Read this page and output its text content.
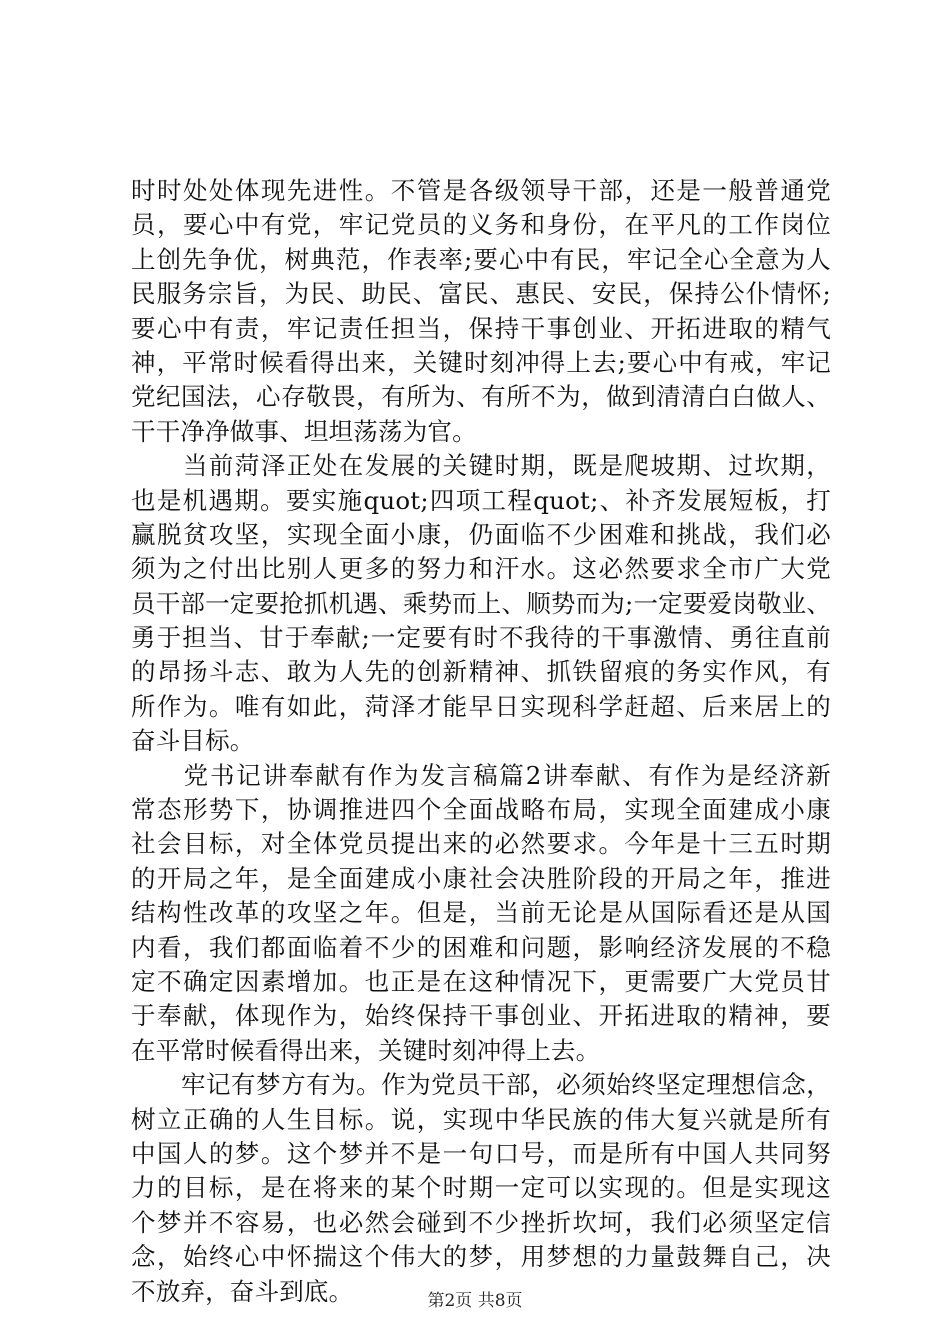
时时处处体现先进性。不管是各级领导干部，还是一般普通党
员，要心中有党，牢记党员的义务和身份，在平凡的工作岗位
上创先争优，树典范，作表率;要心中有民，牢记全心全意为人
民服务宗旨，为民、助民、富民、惠民、安民，保持公仆情怀;
要心中有责，牢记责任担当，保持干事创业、开拓进取的精气
神，平常时候看得出来，关键时刻冲得上去;要心中有戒，牢记
党纪国法，心存敬畏，有所为、有所不为，做到清清白白做人、
干干净净做事、坦坦荡荡为官。
　　当前菏泽正处在发展的关键时期，既是爬坡期、过坎期，
也是机遇期。要实施quot;四项工程quot;、补齐发展短板，打
赢脱贫攻坚，实现全面小康，仍面临不少困难和挑战，我们必
须为之付出比别人更多的努力和汗水。这必然要求全市广大党
员干部一定要抢抓机遇、乘势而上、顺势而为;一定要爱岗敬业、
勇于担当、甘于奉献;一定要有时不我待的干事激情、勇往直前
的昂扬斗志、敢为人先的创新精神、抓铁留痕的务实作风，有
所作为。唯有如此，菏泽才能早日实现科学赶超、后来居上的
奋斗目标。
　　党书记讲奉献有作为发言稿篇2讲奉献、有作为是经济新
常态形势下，协调推进四个全面战略布局，实现全面建成小康
社会目标，对全体党员提出来的必然要求。今年是十三五时期
的开局之年，是全面建成小康社会决胜阶段的开局之年，推进
结构性改革的攻坚之年。但是，当前无论是从国际看还是从国
内看，我们都面临着不少的困难和问题，影响经济发展的不稳
定不确定因素增加。也正是在这种情况下，更需要广大党员甘
于奉献，体现作为，始终保持干事创业、开拓进取的精神，要
在平常时候看得出来，关键时刻冲得上去。
　　牢记有梦方有为。作为党员干部，必须始终坚定理想信念，
树立正确的人生目标。说，实现中华民族的伟大复兴就是所有
中国人的梦。这个梦并不是一句口号，而是所有中国人共同努
力的目标，是在将来的某个时期一定可以实现的。但是实现这
个梦并不容易，也必然会碰到不少挫折坎坷，我们必须坚定信
念，始终心中怀揣这个伟大的梦，用梦想的力量鼓舞自己，决
不放弃，奋斗到底。	第2页 共8页
